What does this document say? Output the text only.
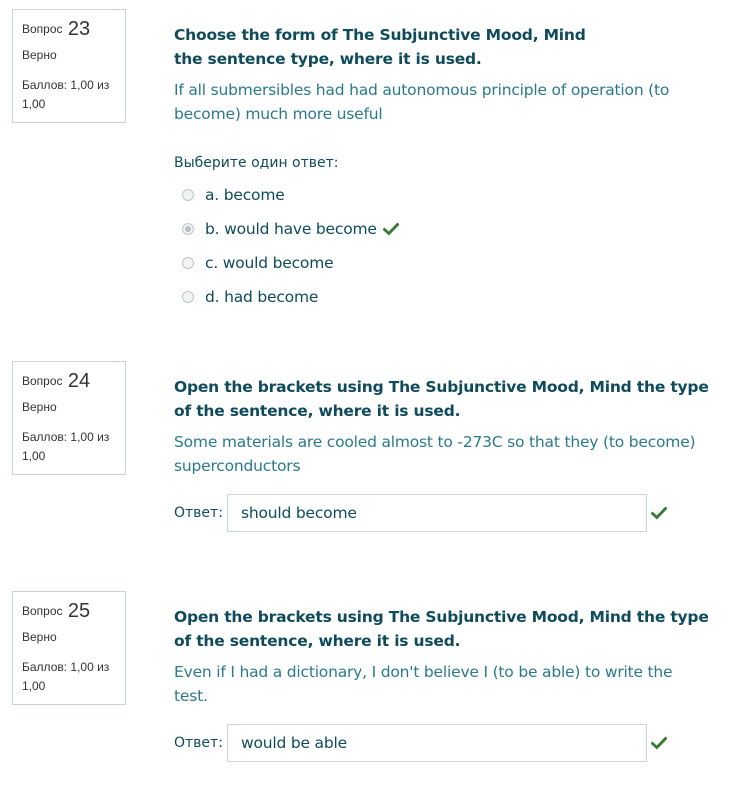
Вопрос 23
Верно
Баллов: 1,00 из 1,00
Choose the form of The Subjunctive Mood, Mind the sentence type, where it is used.
If all submersibles had had autonomous principle of operation (to become) much more useful
Выберите один ответ:
a. become
b. would have become
c. would become
d. had become
Вопрос 24
Верно
Баллов: 1,00 из 1,00
Open the brackets using The Subjunctive Mood, Mind the type of the sentence, where it is used.
Some materials are cooled almost to -273C so that they (to become) superconductors
Ответ:	should become
Вопрос 25
Верно
Баллов: 1,00 из 1,00
Open the brackets using The Subjunctive Mood, Mind the type of the sentence, where it is used.
Even if I had a dictionary, I don't believe I (to be able) to write the test.
Ответ:	would be able
